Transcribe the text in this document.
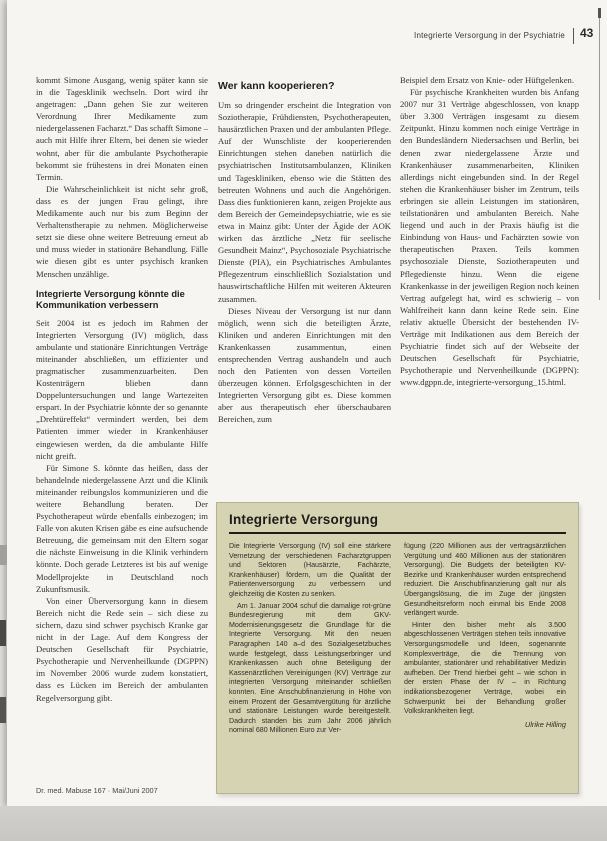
Integrierte Versorgung in der Psychiatrie 43

kommt Simone Ausgang, wenig später kann sie in die Tagesklinik wechseln. Dort wird ihr angetragen: „Dann gehen Sie zur weiteren Verordnung Ihrer Medikamente zum niedergelassenen Facharzt.“ Das schafft Simone – auch mit Hilfe ihrer Eltern, bei denen sie wieder wohnt, aber für die ambulante Psychotherapie bekommt sie frühestens in drei Monaten einen Termin.

Die Wahrscheinlichkeit ist nicht sehr groß, dass es der jungen Frau gelingt, ihre Medikamente auch nur bis zum Beginn der Verhaltenstherapie zu nehmen. Möglicherweise setzt sie diese ohne weitere Betreuung erneut ab und muss wieder in stationäre Behandlung. Fälle wie diesen gibt es unter psychisch kranken Menschen unzählige.

Integrierte Versorgung könnte die Kommunikation verbessern

Seit 2004 ist es jedoch im Rahmen der Integrierten Versorgung (IV) möglich, dass ambulante und stationäre Einrichtungen Verträge miteinander abschließen, um effizienter und pragmatischer zusammenzuarbeiten. Den Kostenträgern blieben dann Doppeluntersuchungen und lange Wartezeiten erspart. In der Psychiatrie könnte der so genannte „Drehtüreffekt“ vermindert werden, bei dem Patienten immer wieder in Krankenhäuser eingewiesen werden, da die ambulante Hilfe nicht greift.

Für Simone S. könnte das heißen, dass der behandelnde niedergelassene Arzt und die Klinik miteinander reibungslos kommunizieren und die weitere Behandlung beraten. Der Psychotherapeut würde ebenfalls einbezogen; im Falle von akuten Krisen gäbe es eine aufsuchende Betreuung, die gemeinsam mit den Eltern sogar die nächste Einweisung in die Klinik verhindern könnte. Doch gerade Letzteres ist bis auf wenige Modellprojekte in Deutschland noch Zukunftsmusik.

Von einer Überversorgung kann in diesem Bereich nicht die Rede sein – sich diese zu sichern, dazu sind schwer psychisch Kranke gar nicht in der Lage. Auf dem Kongress der Deutschen Gesellschaft für Psychiatrie, Psychotherapie und Nervenheilkunde (DGPPN) im November 2006 wurde zudem konstatiert, dass es Lücken im Bereich der ambulanten Regelversorgung gibt.

Wer kann kooperieren?

Um so dringender erscheint die Integration von Soziotherapie, Frühdiensten, Psychotherapeuten, hausärztlichen Praxen und der ambulanten Pflege. Auf der Wunschliste der kooperierenden Einrichtungen stehen daneben natürlich die psychiatrischen Institutsambulanzen, Kliniken und Tageskliniken, ebenso wie die Stätten des betreuten Wohnens und auch die Angehörigen. Dass dies funktionieren kann, zeigen Projekte aus dem Bereich der Gemeindepsychiatrie, wie es sie etwa in Mainz gibt: Unter der Ägide der AOK wirken das ärztliche „Netz für seelische Gesundheit Mainz“, Psychosoziale Psychiatrische Dienste (PIA), ein Psychiatrisches Ambulantes Pflegezentrum einschließlich Sozialstation und hauswirtschaftliche Hilfen mit weiteren Akteuren zusammen.

Dieses Niveau der Versorgung ist nur dann möglich, wenn sich die beteiligten Ärzte, Kliniken und anderen Einrichtungen mit den Krankenkassen zusammentun, einen entsprechenden Vertrag aushandeln und auch noch den Patienten von dessen Vorteilen überzeugen können. Erfolgsgeschichten in der Integrierten Versorgung gibt es. Diese kommen aber aus therapeutisch eher überschaubaren Bereichen, zum

Beispiel dem Ersatz von Knie- oder Hüftgelenken.

Für psychische Krankheiten wurden bis Anfang 2007 nur 31 Verträge abgeschlossen, von knapp über 3.300 Verträgen insgesamt zu diesem Zeitpunkt. Hinzu kommen noch einige Verträge in den Bundesländern Niedersachsen und Berlin, bei denen zwar niedergelassene Ärzte und Krankenhäuser zusammenarbeiten, Kliniken allerdings nicht eingebunden sind. In der Regel stehen die Krankenhäuser bisher im Zentrum, teils erbringen sie allein Leistungen im stationären, teilstationären und ambulanten Bereich. Nahe liegend und auch in der Praxis häufig ist die Einbindung von Haus- und Fachärzten sowie von therapeutischen Praxen. Teils kommen psychosoziale Dienste, Soziotherapeuten und Pflegedienste hinzu. Wenn die eigene Krankenkasse in der jeweiligen Region noch keinen Vertrag aufgelegt hat, wird es schwierig – von Wahlfreiheit kann dann keine Rede sein. Eine relativ aktuelle Übersicht der bestehenden IV-Verträge mit Indikationen aus dem Bereich der Psychiatrie findet sich auf der Webseite der Deutschen Gesellschaft für Psychiatrie, Psychotherapie und Nervenheilkunde (DGPPN): www.dgppn.de, integrierte-versorgung_15.html.

Integrierte Versorgung

Die Integrierte Versorgung (IV) soll eine stärkere Vernetzung der verschiedenen Facharztgruppen und Sektoren (Hausärzte, Fachärzte, Krankenhäuser) fördern, um die Qualität der Patientenversorgung zu verbessern und gleichzeitig die Kosten zu senken.

Am 1. Januar 2004 schuf die damalige rot-grüne Bundesregierung mit dem GKV-Modernisierungsgesetz die Grundlage für die Integrierte Versorgung. Mit den neuen Paragraphen 140 a–d des Sozialgesetzbuches wurde festgelegt, dass Leistungserbringer und Krankenkassen auch ohne Beteiligung der Kassenärztlichen Vereinigungen (KV) Verträge zur integrierten Versorgung miteinander schließen konnten. Eine Anschubfinanzierung in Höhe von einem Prozent der Gesamtvergütung für ärztliche und stationäre Leistungen wurde bereitgestellt. Dadurch standen bis zum Jahr 2006 jährlich nominal 680 Millionen Euro zur Ver-

fügung (220 Millionen aus der vertragsärztlichen Vergütung und 460 Millionen aus der stationären Versorgung). Die Budgets der beteiligten KV-Bezirke und Krankenhäuser wurden entsprechend reduziert. Die Anschubfinanzierung galt nur als Übergangslösung, die im Zuge der jüngsten Gesundheitsreform noch einmal bis Ende 2008 verlängert wurde.

Hinter den bisher mehr als 3.500 abgeschlossenen Verträgen stehen teils innovative Versorgungsmodelle und Ideen, sogenannte Komplexverträge, die die Trennung von ambulanter, stationärer und rehabilitativer Medizin aufheben. Der Trend hierbei geht – wie schon in der ersten Phase der IV – in Richtung indikationsbezogener Verträge, wobei ein Schwerpunkt bei der Behandlung großer Volkskrankheiten liegt.

Ulrike Hilling
Dr. med. Mabuse 167 · Mai/Juni 2007
